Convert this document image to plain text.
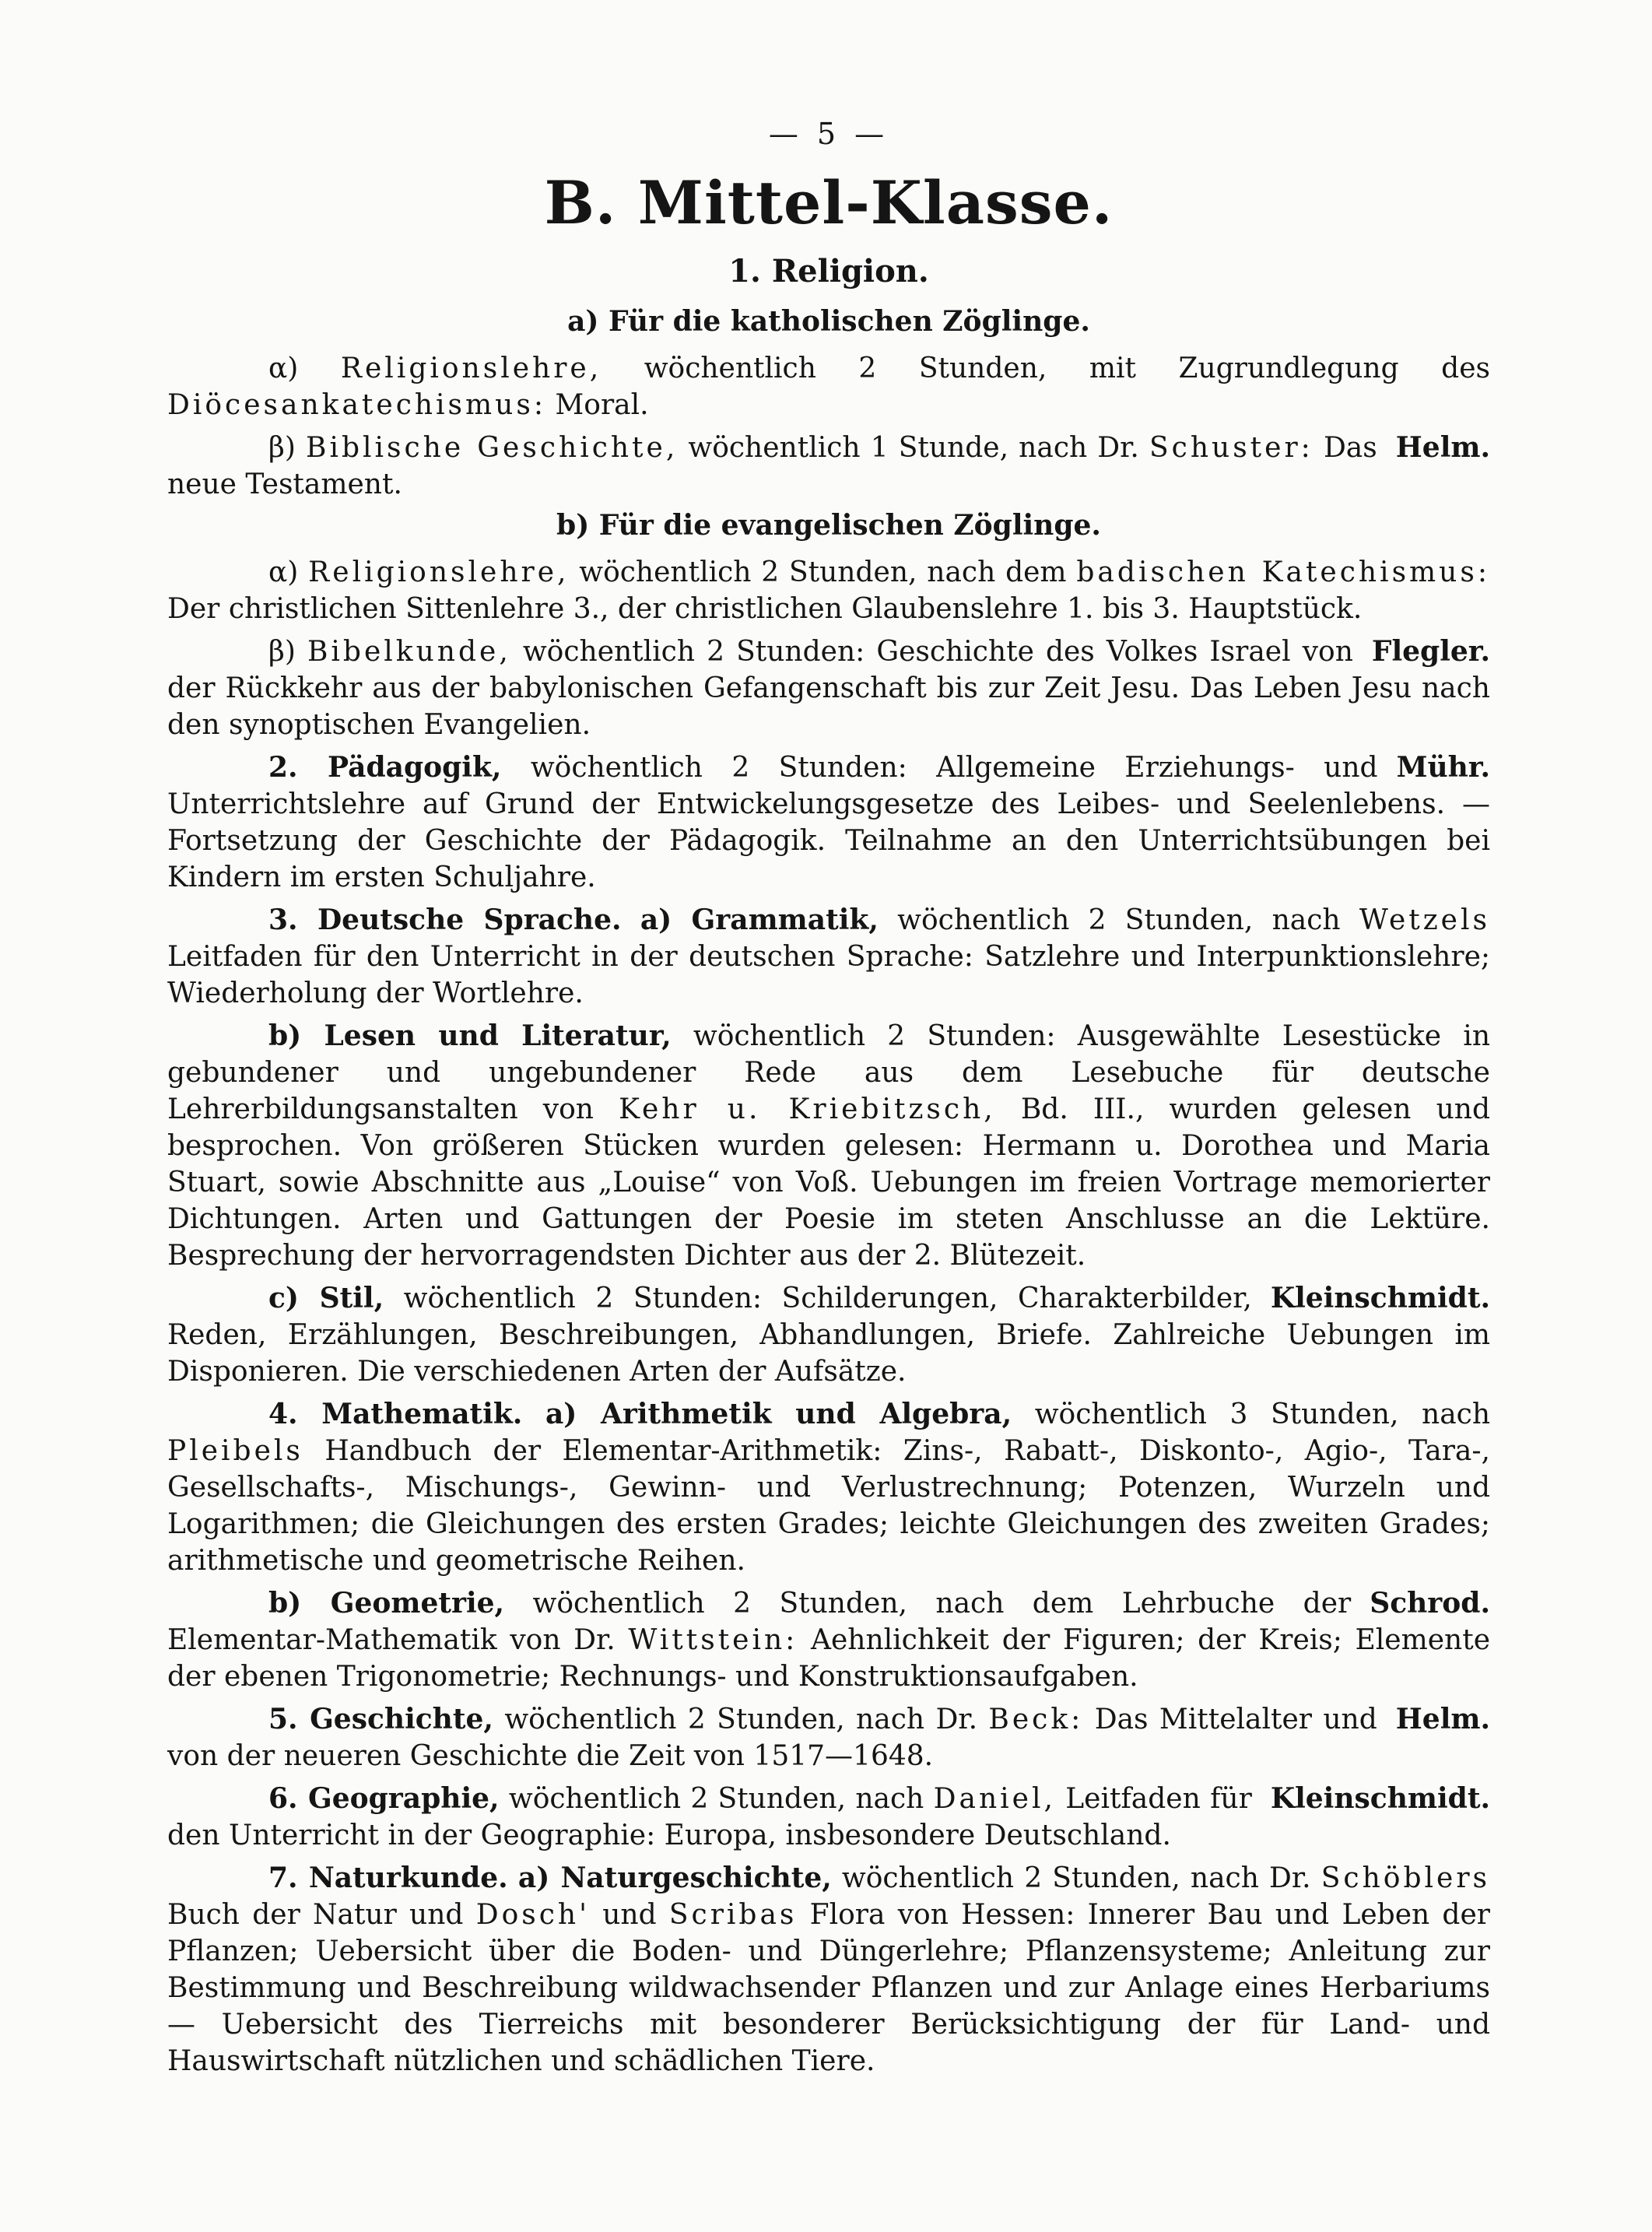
— 5 —
B. Mittel-Klasse.
1. Religion.
a) Für die katholischen Zöglinge.

α) Religionslehre, wöchentlich 2 Stunden, mit Zugrundlegung des Diöcesankatechismus: Moral.

Helm.
β) Biblische Geschichte, wöchentlich 1 Stunde, nach Dr. Schuster: Das neue Testament.

b) Für die evangelischen Zöglinge.

α) Religionslehre, wöchentlich 2 Stunden, nach dem badischen Katechismus: Der christlichen Sittenlehre 3., der christlichen Glaubenslehre 1. bis 3. Hauptstück.

Flegler.
β) Bibelkunde, wöchentlich 2 Stunden: Geschichte des Volkes Israel von der Rückkehr aus der babylonischen Gefangenschaft bis zur Zeit Jesu. Das Leben Jesu nach den synoptischen Evangelien.

Mühr.
2. Pädagogik, wöchentlich 2 Stunden: Allgemeine Erziehungs- und Unterrichtslehre auf Grund der Entwickelungsgesetze des Leibes- und Seelenlebens. — Fortsetzung der Geschichte der Pädagogik. Teilnahme an den Unterrichtsübungen bei Kindern im ersten Schuljahre.

3. Deutsche Sprache. a) Grammatik, wöchentlich 2 Stunden, nach Wetzels Leitfaden für den Unterricht in der deutschen Sprache: Satzlehre und Interpunktionslehre; Wiederholung der Wortlehre.

b) Lesen und Literatur, wöchentlich 2 Stunden: Ausgewählte Lesestücke in gebundener und ungebundener Rede aus dem Lesebuche für deutsche Lehrerbildungsanstalten von Kehr u. Kriebitzsch, Bd. III., wurden gelesen und besprochen. Von größeren Stücken wurden gelesen: Hermann u. Dorothea und Maria Stuart, sowie Abschnitte aus „Louise“ von Voß. Uebungen im freien Vortrage memorierter Dichtungen. Arten und Gattungen der Poesie im steten Anschlusse an die Lektüre. Besprechung der hervorragendsten Dichter aus der 2. Blütezeit.

Kleinschmidt.
c) Stil, wöchentlich 2 Stunden: Schilderungen, Charakterbilder, Reden, Erzählungen, Beschreibungen, Abhandlungen, Briefe. Zahlreiche Uebungen im Disponieren. Die verschiedenen Arten der Aufsätze.

4. Mathematik. a) Arithmetik und Algebra, wöchentlich 3 Stunden, nach Pleibels Handbuch der Elementar-Arithmetik: Zins-, Rabatt-, Diskonto-, Agio-, Tara-, Gesellschafts-, Mischungs-, Gewinn- und Verlustrechnung; Potenzen, Wurzeln und Logarithmen; die Gleichungen des ersten Grades; leichte Gleichungen des zweiten Grades; arithmetische und geometrische Reihen.

Schrod.
b) Geometrie, wöchentlich 2 Stunden, nach dem Lehrbuche der Elementar-Mathematik von Dr. Wittstein: Aehnlichkeit der Figuren; der Kreis; Elemente der ebenen Trigonometrie; Rechnungs- und Konstruktionsaufgaben.

Helm.
5. Geschichte, wöchentlich 2 Stunden, nach Dr. Beck: Das Mittelalter und von der neueren Geschichte die Zeit von 1517—1648.

Kleinschmidt.
6. Geographie, wöchentlich 2 Stunden, nach Daniel, Leitfaden für den Unterricht in der Geographie: Europa, insbesondere Deutschland.

7. Naturkunde. a) Naturgeschichte, wöchentlich 2 Stunden, nach Dr. Schöblers Buch der Natur und Dosch' und Scribas Flora von Hessen: Innerer Bau und Leben der Pflanzen; Uebersicht über die Boden- und Düngerlehre; Pflanzensysteme; Anleitung zur Bestimmung und Beschreibung wildwachsender Pflanzen und zur Anlage eines Herbariums — Uebersicht des Tierreichs mit besonderer Berücksichtigung der für Land- und Hauswirtschaft nützlichen und schädlichen Tiere.
